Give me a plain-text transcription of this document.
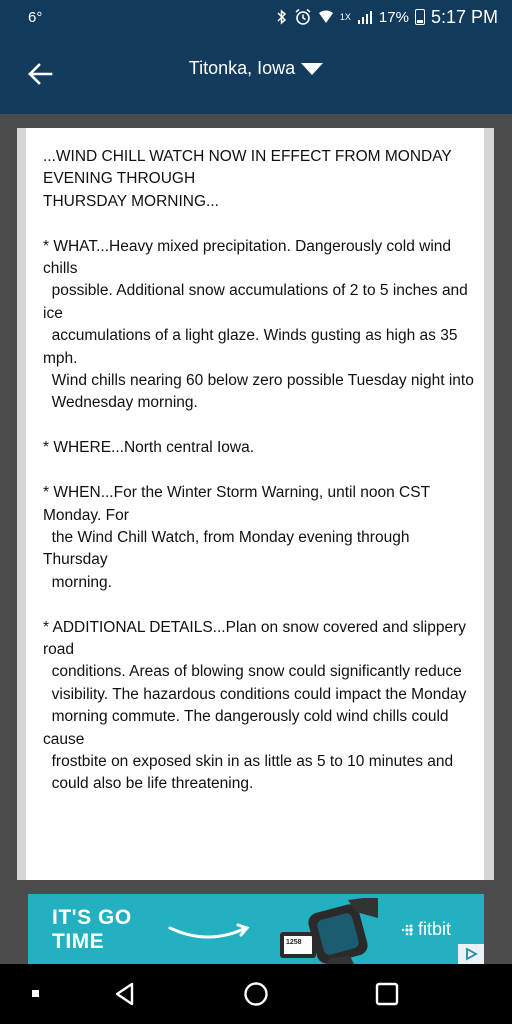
6°	1X 17% 5:17 PM
Titonka, Iowa
...WIND CHILL WATCH NOW IN EFFECT FROM MONDAY EVENING THROUGH
THURSDAY MORNING...

* WHAT...Heavy mixed precipitation. Dangerously cold wind chills
possible. Additional snow accumulations of 2 to 5 inches and ice
accumulations of a light glaze. Winds gusting as high as 35 mph.
Wind chills nearing 60 below zero possible Tuesday night into
Wednesday morning.

* WHERE...North central Iowa.

* WHEN...For the Winter Storm Warning, until noon CST Monday. For
the Wind Chill Watch, from Monday evening through Thursday
morning.

* ADDITIONAL DETAILS...Plan on snow covered and slippery road
conditions. Areas of blowing snow could significantly reduce
visibility. The hazardous conditions could impact the Monday
morning commute. The dangerously cold wind chills could cause
frostbite on exposed skin in as little as 5 to 10 minutes and
could also be life threatening.
IT'S GO TIME	1258
fitbit
